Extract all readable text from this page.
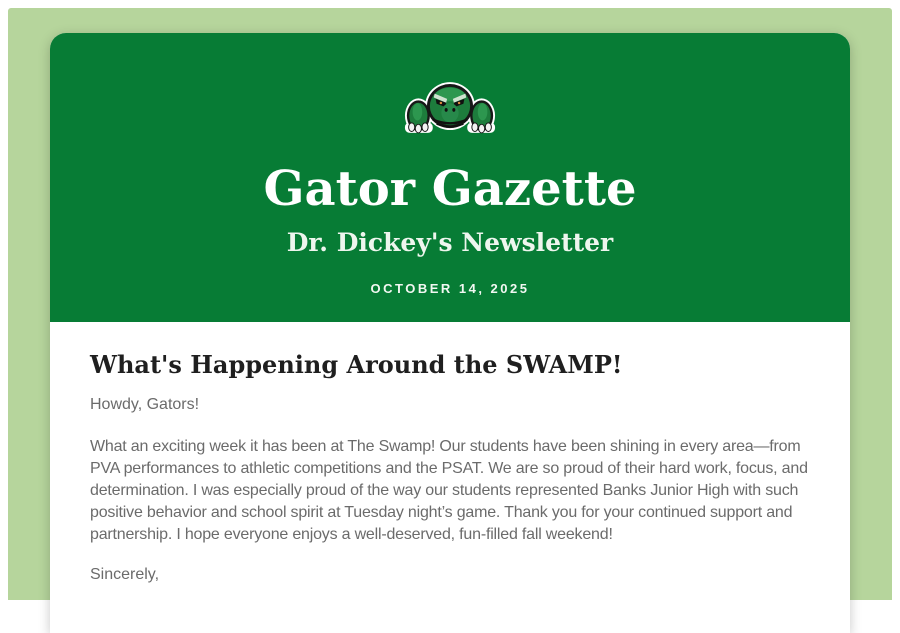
Gator Gazette
Dr. Dickey's Newsletter
OCTOBER 14, 2025
What's Happening Around the SWAMP!

Howdy, Gators!

What an exciting week it has been at The Swamp! Our students have been shining in every area—from PVA performances to athletic competitions and the PSAT. We are so proud of their hard work, focus, and determination. I was especially proud of the way our students represented Banks Junior High with such positive behavior and school spirit at Tuesday night’s game. Thank you for your continued support and partnership. I hope everyone enjoys a well-deserved, fun-filled fall weekend!

Sincerely,
